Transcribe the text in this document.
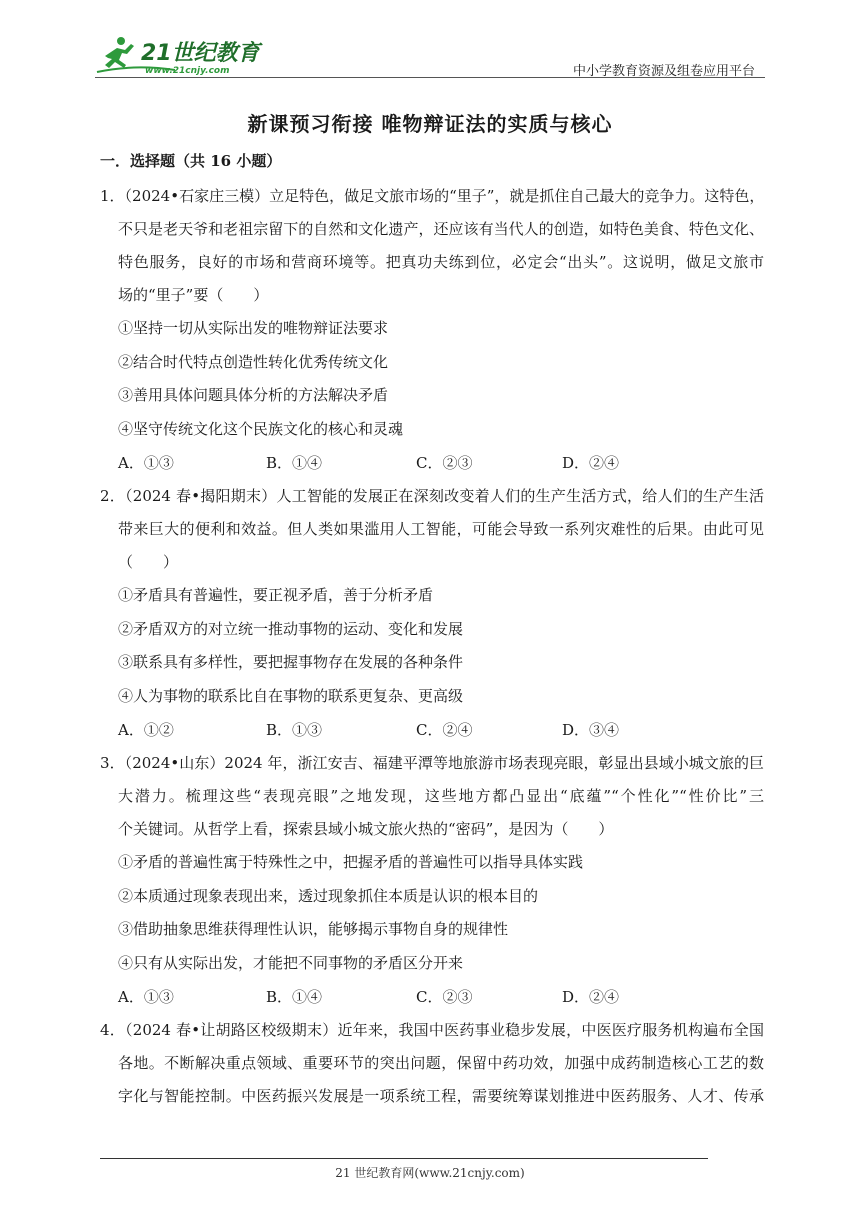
21世纪教育
www.21cnjy.com	中小学教育资源及组卷应用平台
新课预习衔接 唯物辩证法的实质与核心
一．选择题（共 16 小题）
1．（2024•石家庄三模）立足特色，做足文旅市场的“里子”，就是抓住自己最大的竞争力。这特色，
不只是老天爷和老祖宗留下的自然和文化遗产，还应该有当代人的创造，如特色美食、特色文化、
特色服务，良好的市场和营商环境等。把真功夫练到位，必定会“出头”。这说明，做足文旅市
场的“里子”要（　　）
①坚持一切从实际出发的唯物辩证法要求
②结合时代特点创造性转化优秀传统文化
③善用具体问题具体分析的方法解决矛盾
④坚守传统文化这个民族文化的核心和灵魂
A．①③	B．①④	C．②③	D．②④
2．（2024 春•揭阳期末）人工智能的发展正在深刻改变着人们的生产生活方式，给人们的生产生活
带来巨大的便利和效益。但人类如果滥用人工智能，可能会导致一系列灾难性的后果。由此可见
（　　）
①矛盾具有普遍性，要正视矛盾，善于分析矛盾
②矛盾双方的对立统一推动事物的运动、变化和发展
③联系具有多样性，要把握事物存在发展的各种条件
④人为事物的联系比自在事物的联系更复杂、更高级
A．①②	B．①③	C．②④	D．③④
3．（2024•山东）2024 年，浙江安吉、福建平潭等地旅游市场表现亮眼，彰显出县域小城文旅的巨
大潜力。梳理这些“表现亮眼”之地发现，这些地方都凸显出“底蕴”“个性化”“性价比”三
个关键词。从哲学上看，探索县域小城文旅火热的“密码”，是因为（　　）
①矛盾的普遍性寓于特殊性之中，把握矛盾的普遍性可以指导具体实践
②本质通过现象表现出来，透过现象抓住本质是认识的根本目的
③借助抽象思维获得理性认识，能够揭示事物自身的规律性
④只有从实际出发，才能把不同事物的矛盾区分开来
A．①③	B．①④	C．②③	D．②④
4．（2024 春•让胡路区校级期末）近年来，我国中医药事业稳步发展，中医医疗服务机构遍布全国
各地。不断解决重点领域、重要环节的突出问题，保留中药功效，加强中成药制造核心工艺的数
字化与智能控制。中医药振兴发展是一项系统工程，需要统筹谋划推进中医药服务、人才、传承
21 世纪教育网(www.21cnjy.com)
